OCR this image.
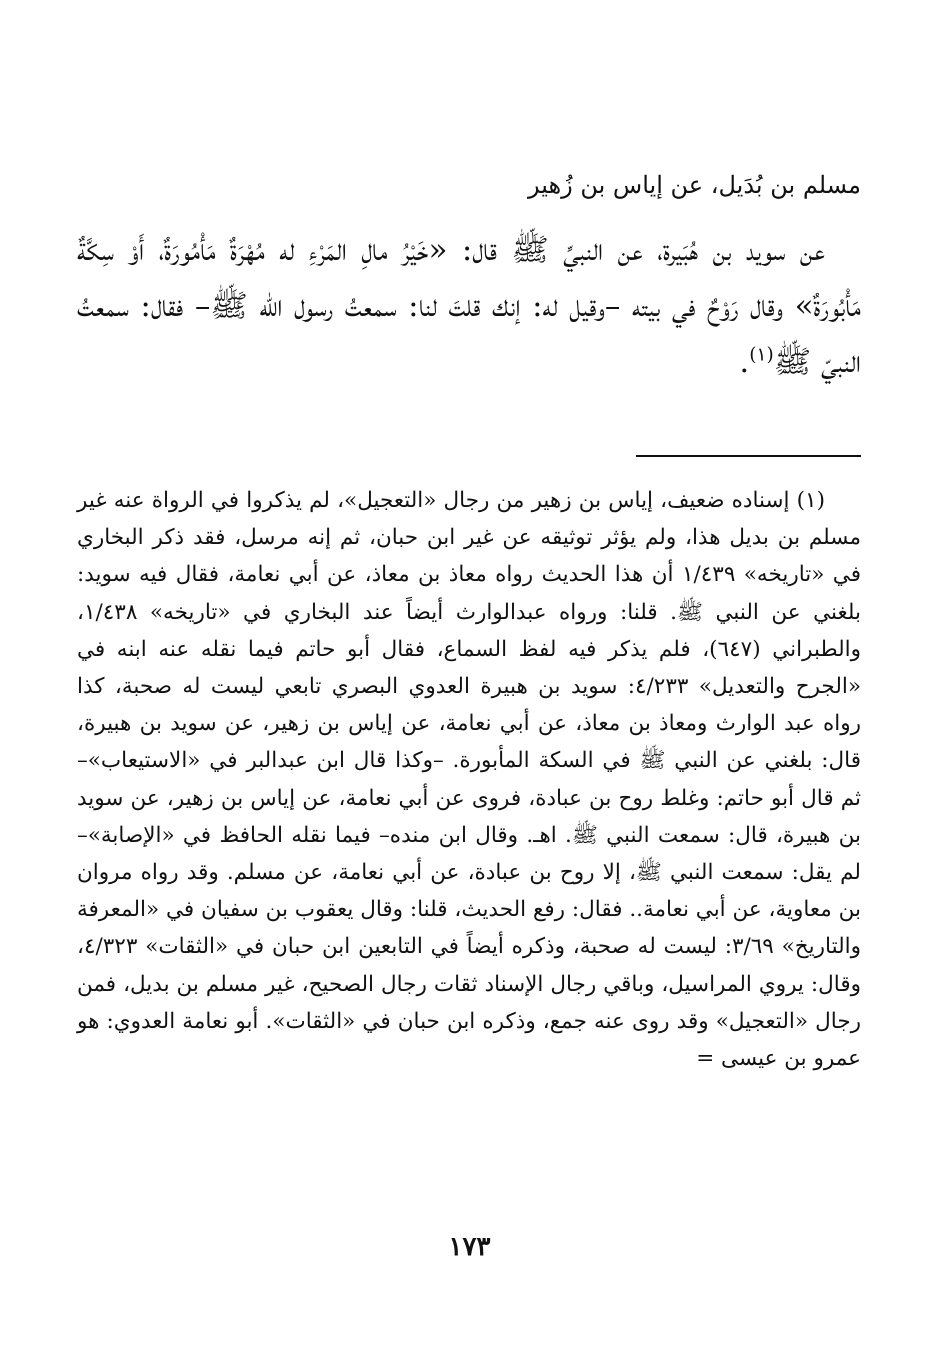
مسلم بن بُدَيل، عن إياس بن زُهير

عن سويد بن هُبَيرة، عن النبيِّ ﷺ قال: «خَيْرُ مالِ المَرْءِ له مُهْرَةٌ مَأْمُورَةٌ، أَوْ سِكَّةٌ مَأْبُورَةٌ» وقال رَوْحٌ في بيته –وقيل له: إنك قلتَ لنا: سمعتُ رسول الله ﷺ– فقال: سمعتُ النبيّ ﷺ$^{(١)}$.

(١) إسناده ضعيف، إياس بن زهير من رجال «التعجيل»، لم يذكروا في الرواة عنه غير مسلم بن بديل هذا، ولم يؤثر توثيقه عن غير ابن حبان، ثم إنه مرسل، فقد ذكر البخاري في «تاريخه» ١/٤٣٩ أن هذا الحديث رواه معاذ بن معاذ، عن أبي نعامة، فقال فيه سويد: بلغني عن النبي ﷺ. قلنا: ورواه عبدالوارث أيضاً عند البخاري في «تاريخه» ١/٤٣٨، والطبراني (٦٤٧)، فلم يذكر فيه لفظ السماع، فقال أبو حاتم فيما نقله عنه ابنه في «الجرح والتعديل» ٤/٢٣٣: سويد بن هبيرة العدوي البصري تابعي ليست له صحبة، كذا رواه عبد الوارث ومعاذ بن معاذ، عن أبي نعامة، عن إياس بن زهير، عن سويد بن هبيرة، قال: بلغني عن النبي ﷺ في السكة المأبورة. –وكذا قال ابن عبدالبر في «الاستيعاب»– ثم قال أبو حاتم: وغلط روح بن عبادة، فروى عن أبي نعامة، عن إياس بن زهير، عن سويد بن هبيرة، قال: سمعت النبي ﷺ. اهـ. وقال ابن منده– فيما نقله الحافظ في «الإصابة»– لم يقل: سمعت النبي ﷺ، إلا روح بن عبادة، عن أبي نعامة، عن مسلم. وقد رواه مروان بن معاوية، عن أبي نعامة.. فقال: رفع الحديث، قلنا: وقال يعقوب بن سفيان في «المعرفة والتاريخ» ٣/٦٩: ليست له صحبة، وذكره أيضاً في التابعين ابن حبان في «الثقات» ٤/٣٢٣، وقال: يروي المراسيل، وباقي رجال الإسناد ثقات رجال الصحيح، غير مسلم بن بديل، فمن رجال «التعجيل» وقد روى عنه جمع، وذكره ابن حبان في «الثقات». أبو نعامة العدوي: هو عمرو بن عيسى =

١٧٣
